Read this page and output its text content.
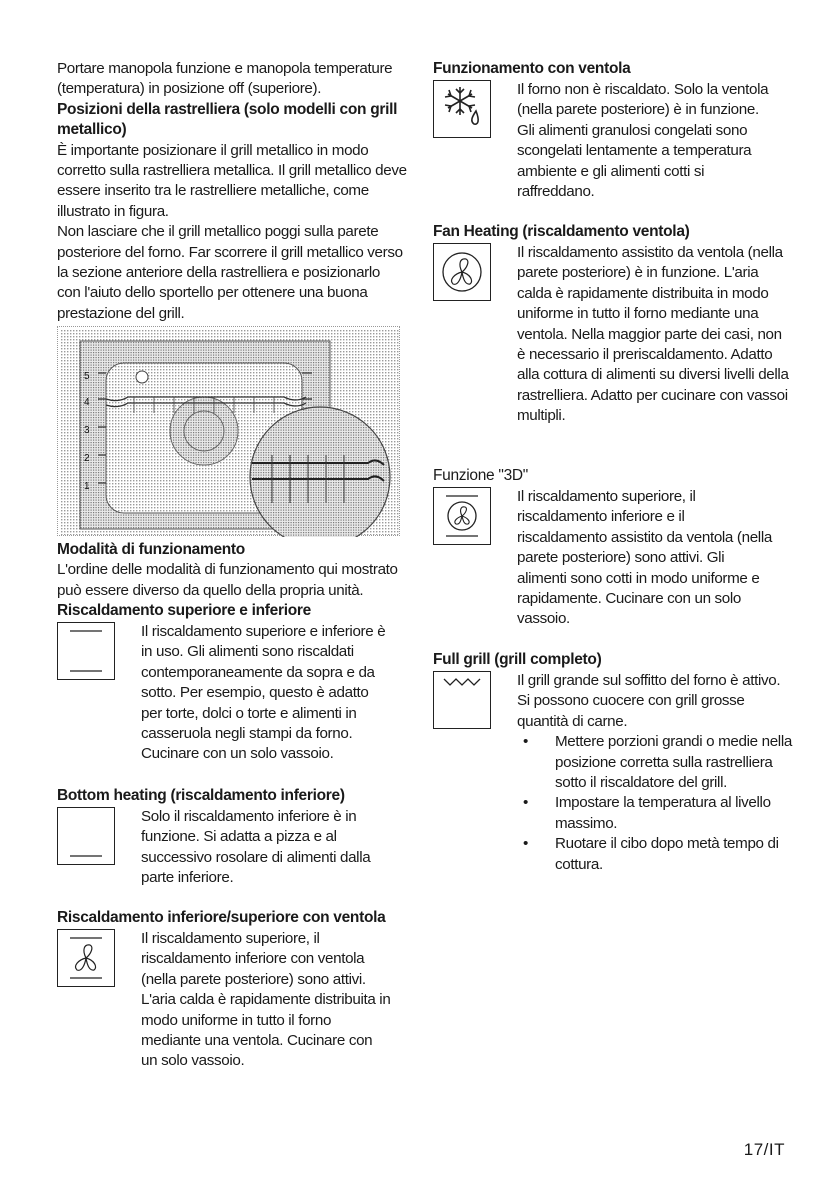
Portare manopola funzione e manopola temperature (temperatura) in posizione off (superiore).

Posizioni della rastrelliera (solo modelli con grill metallico)

È importante posizionare il grill metallico in modo corretto sulla rastrelliera metallica. Il grill metallico deve essere inserito tra le rastrelliere metalliche, come illustrato in figura.

Non lasciare che il grill metallico poggi sulla parete posteriore del forno. Far scorrere il grill metallico verso la sezione anteriore della rastrelliera e posizionarlo con l'aiuto dello sportello per ottenere una buona prestazione del grill.

5
4
3
2
1

Modalità di funzionamento

L'ordine delle modalità di funzionamento qui mostrato può essere diverso da quello della propria unità.

Riscaldamento superiore e inferiore

Il riscaldamento superiore e inferiore è in uso. Gli alimenti sono riscaldati contemporaneamente da sopra e da sotto. Per esempio, questo è adatto per torte, dolci o torte e alimenti in casseruola negli stampi da forno. Cucinare con un solo vassoio.

Bottom heating (riscaldamento inferiore)

Solo il riscaldamento inferiore è in funzione. Si adatta a pizza e al successivo rosolare di alimenti dalla parte inferiore.

Riscaldamento inferiore/superiore con ventola

Il riscaldamento superiore, il riscaldamento inferiore con ventola (nella parete posteriore) sono attivi. L'aria calda è rapidamente distribuita in modo uniforme in tutto il forno mediante una ventola. Cucinare con un solo vassoio.

Funzionamento con ventola

Il forno non è riscaldato. Solo la ventola (nella parete posteriore) è in funzione. Gli alimenti granulosi congelati sono scongelati lentamente a temperatura ambiente e gli alimenti cotti si raffreddano.

Fan Heating (riscaldamento ventola)

Il riscaldamento assistito da ventola (nella parete posteriore) è in funzione. L'aria calda è rapidamente distribuita in modo uniforme in tutto il forno mediante una ventola. Nella maggior parte dei casi, non è necessario il preriscaldamento. Adatto alla cottura di alimenti su diversi livelli della rastrelliera. Adatto per cucinare con vassoi multipli.

Funzione "3D"

Il riscaldamento superiore, il riscaldamento inferiore e il riscaldamento assistito da ventola (nella parete posteriore) sono attivi. Gli alimenti sono cotti in modo uniforme e rapidamente. Cucinare con un solo vassoio.

Full grill (grill completo)

Il grill grande sul soffitto del forno è attivo. Si possono cuocere con grill grosse quantità di carne.

• Mettere porzioni grandi o medie nella posizione corretta sulla rastrelliera sotto il riscaldatore del grill.
• Impostare la temperatura al livello massimo.
• Ruotare il cibo dopo metà tempo di cottura.
17/IT
